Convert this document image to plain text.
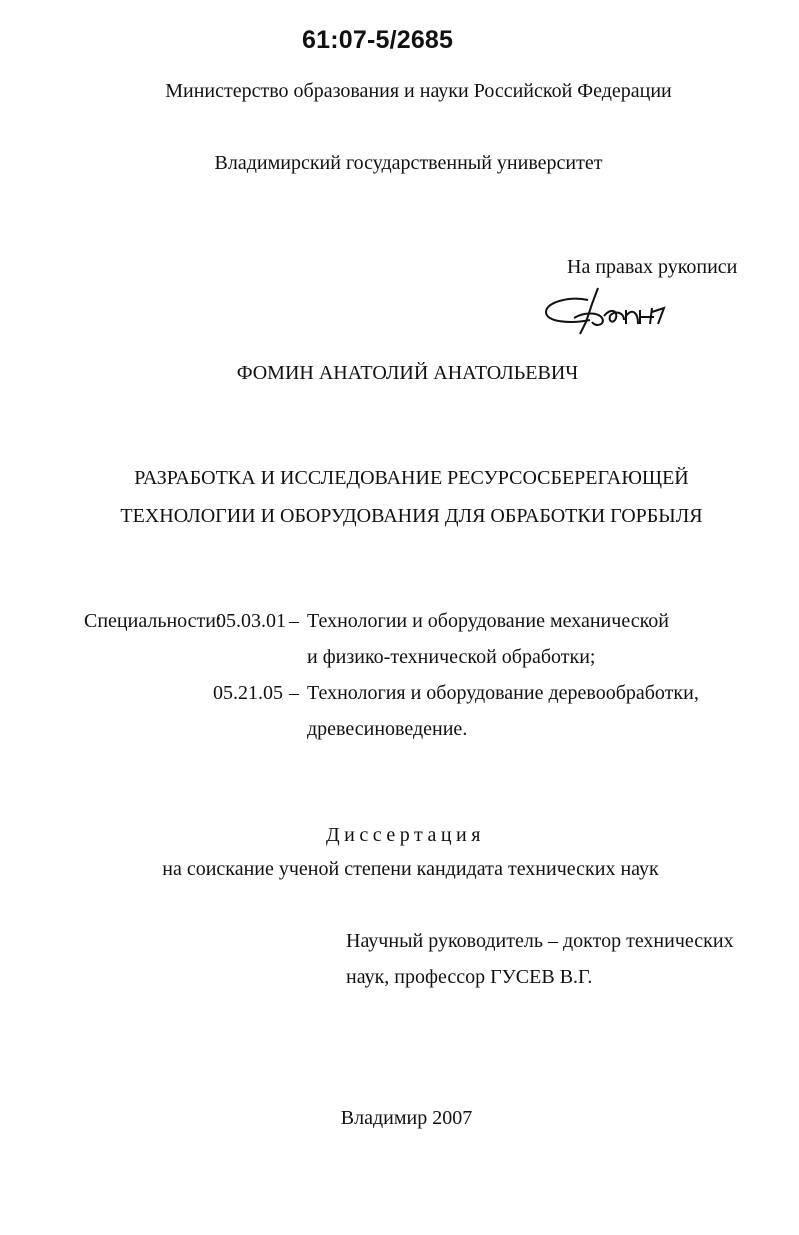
61:07-5/2685
Министерство образования и науки Российской Федерации
Владимирский государственный университет
На правах рукописи
ФОМИН АНАТОЛИЙ АНАТОЛЬЕВИЧ
РАЗРАБОТКА И ИССЛЕДОВАНИЕ РЕСУРСОСБЕРЕГАЮЩЕЙ
ТЕХНОЛОГИИ И ОБОРУДОВАНИЯ ДЛЯ ОБРАБОТКИ ГОРБЫЛЯ
Специальности:
05.03.01 – Технологии и оборудование механической
и физико-технической обработки;
05.21.05 – Технология и оборудование деревообработки,
древесиноведение.
Диссертация
на соискание ученой степени кандидата технических наук
Научный руководитель – доктор технических
наук, профессор ГУСЕВ В.Г.
Владимир 2007
